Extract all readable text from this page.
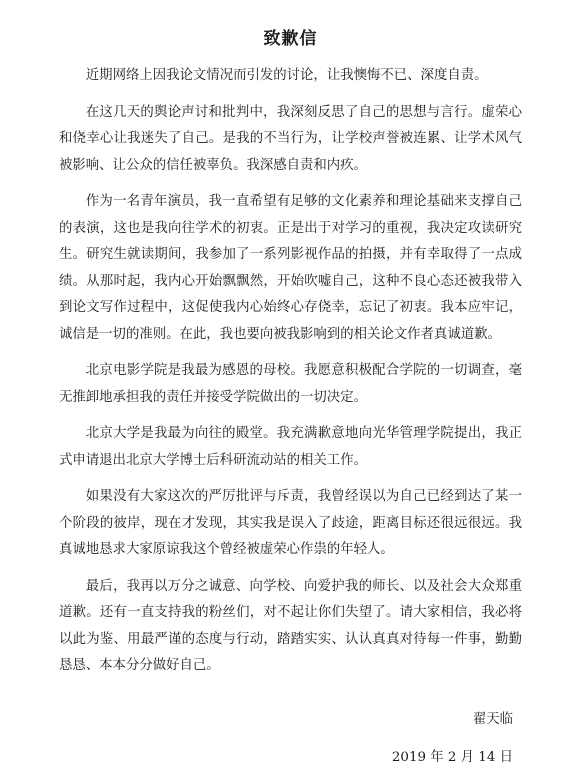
致歉信

近期网络上因我论文情况而引发的讨论，让我懊悔不已、深度自责。

在这几天的舆论声讨和批判中，我深刻反思了自己的思想与言行。虚荣心和侥幸心让我迷失了自己。是我的不当行为，让学校声誉被连累、让学术风气被影响、让公众的信任被辜负。我深感自责和内疚。

作为一名青年演员，我一直希望有足够的文化素养和理论基础来支撑自己的表演，这也是我向往学术的初衷。正是出于对学习的重视，我决定攻读研究生。研究生就读期间，我参加了一系列影视作品的拍摄，并有幸取得了一点成绩。从那时起，我内心开始飘飘然，开始吹嘘自己，这种不良心态还被我带入到论文写作过程中，这促使我内心始终心存侥幸，忘记了初衷。我本应牢记，诚信是一切的准则。在此，我也要向被我影响到的相关论文作者真诚道歉。

北京电影学院是我最为感恩的母校。我愿意积极配合学院的一切调查，毫无推卸地承担我的责任并接受学院做出的一切决定。

北京大学是我最为向往的殿堂。我充满歉意地向光华管理学院提出，我正式申请退出北京大学博士后科研流动站的相关工作。

如果没有大家这次的严厉批评与斥责，我曾经误以为自己已经到达了某一个阶段的彼岸，现在才发现，其实我是误入了歧途，距离目标还很远很远。我真诚地恳求大家原谅我这个曾经被虚荣心作祟的年轻人。

最后，我再以万分之诚意、向学校、向爱护我的师长、以及社会大众郑重道歉。还有一直支持我的粉丝们，对不起让你们失望了。请大家相信，我必将以此为鉴、用最严谨的态度与行动，踏踏实实、认认真真对待每一件事，勤勤恳恳、本本分分做好自己。

翟天临
2019 年 2 月 14 日
